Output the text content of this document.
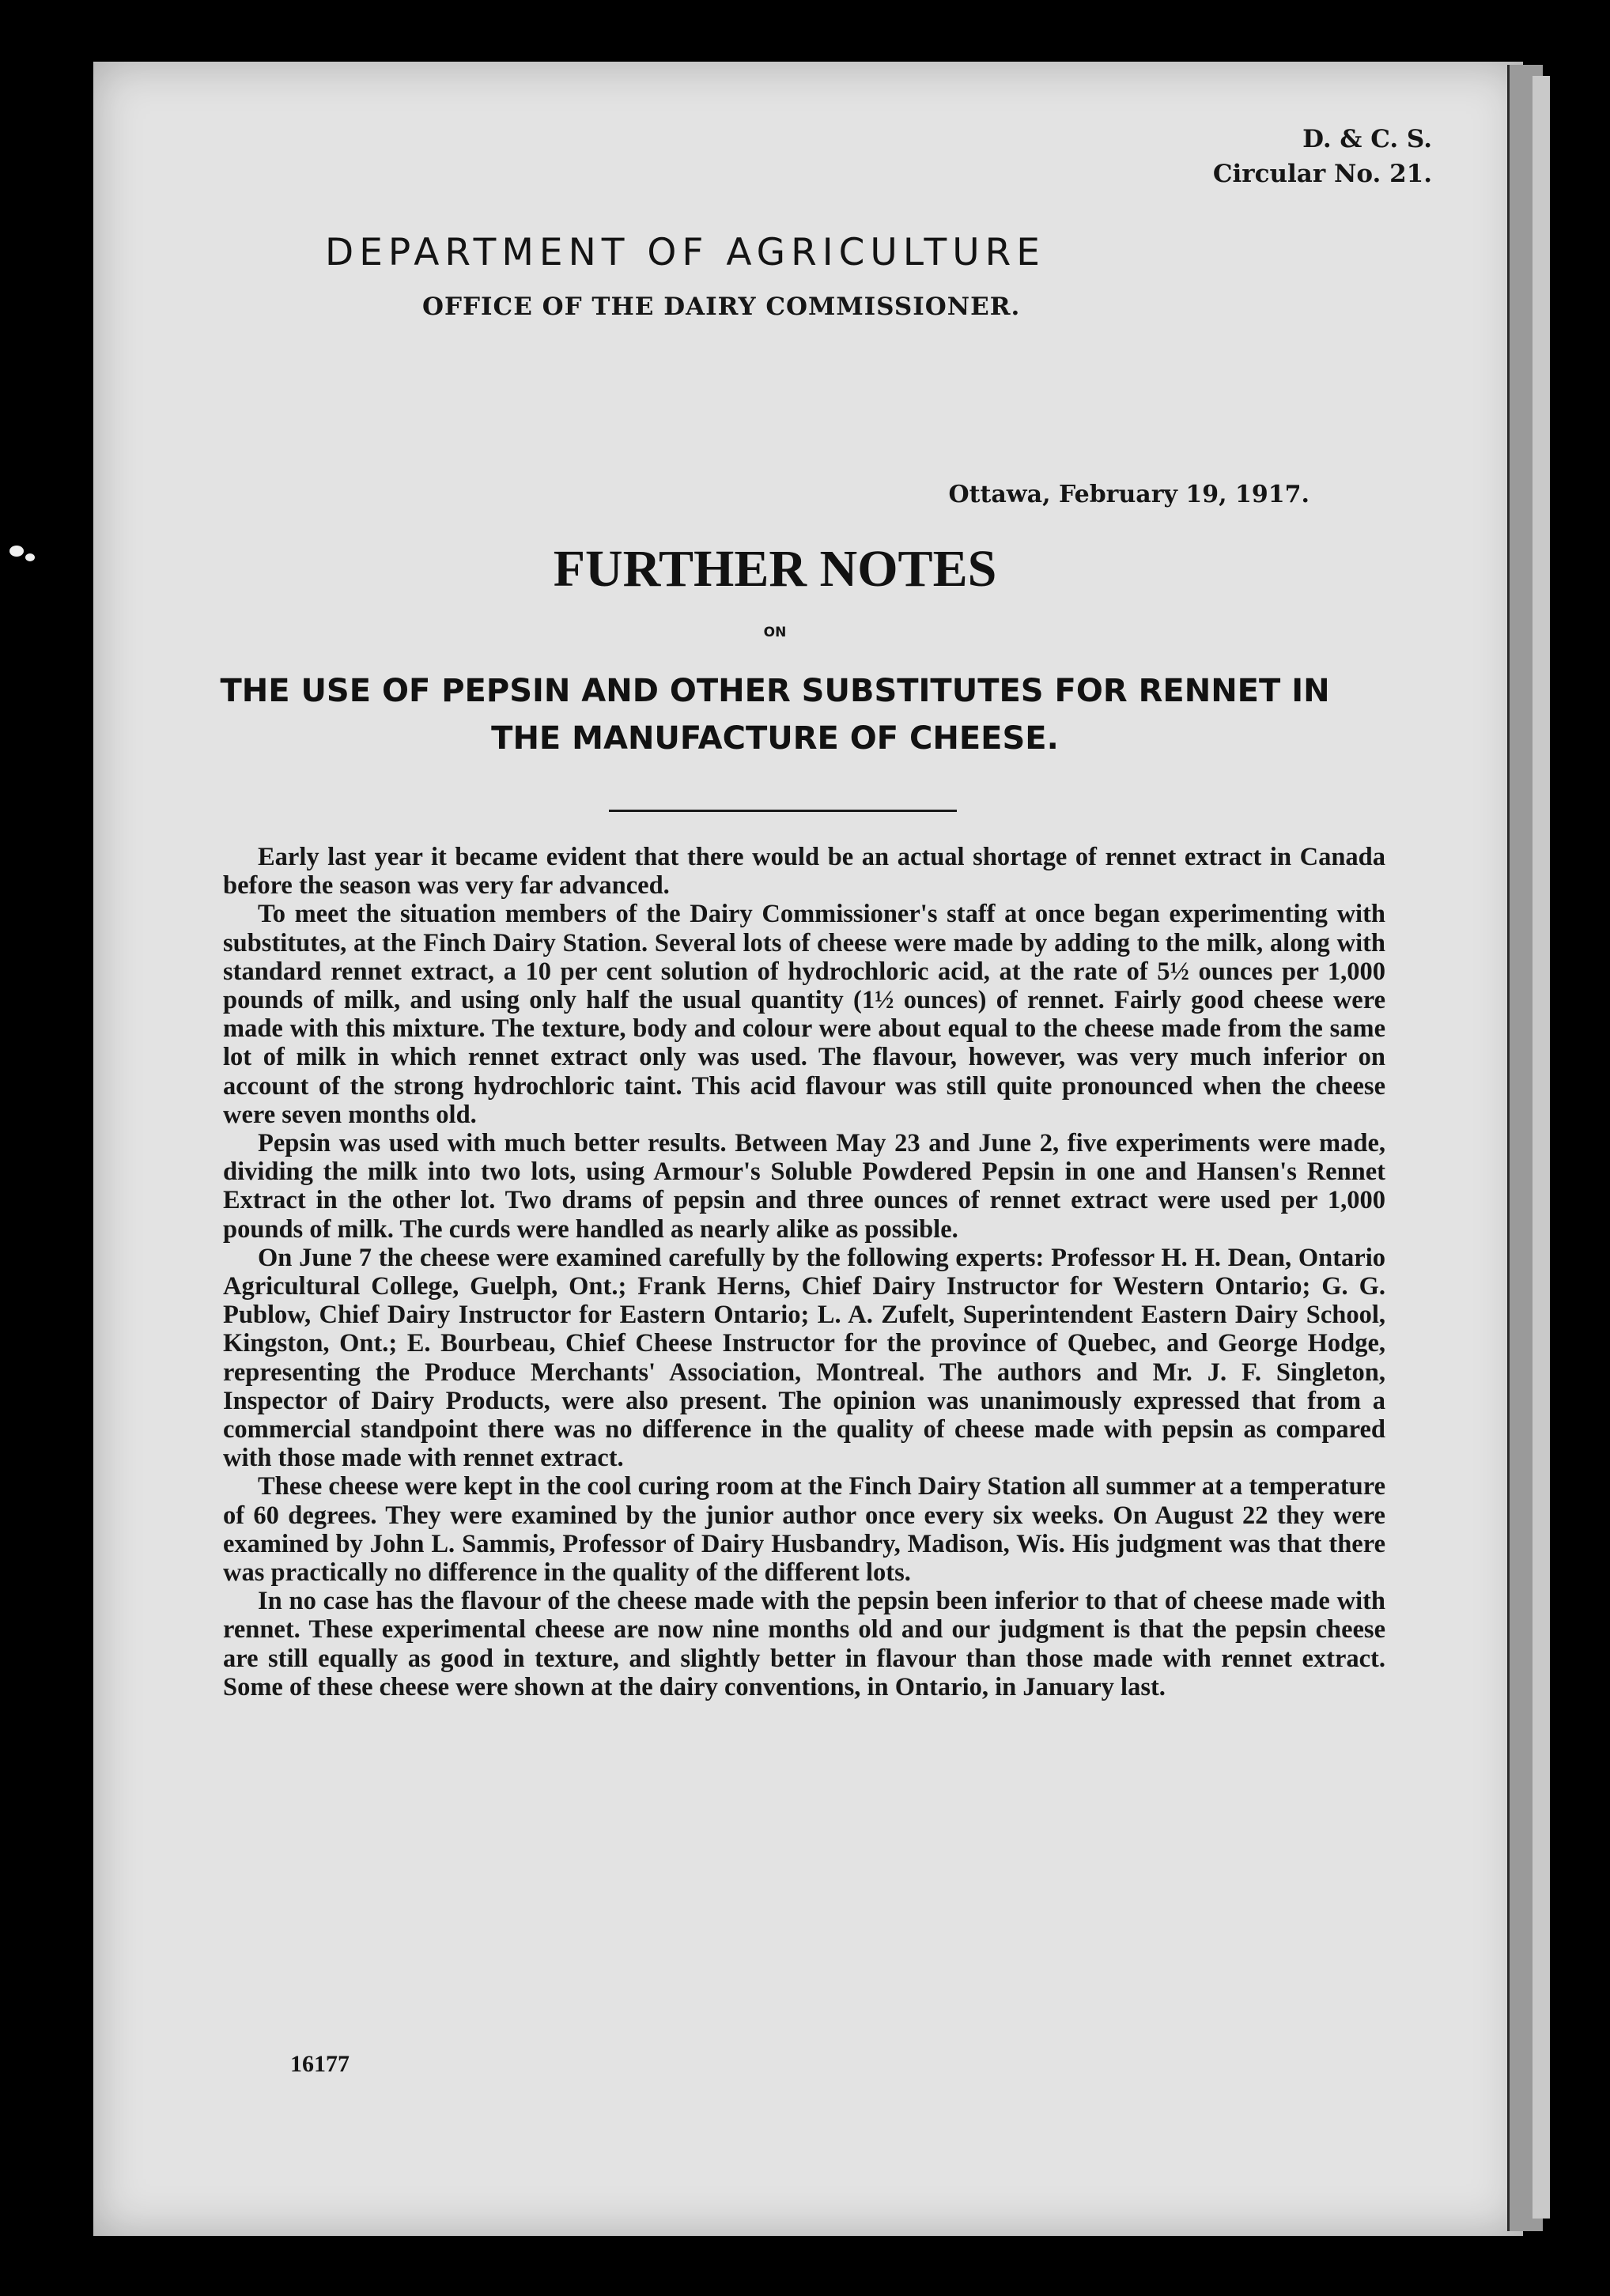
D. & C. S.
Circular No. 21.
DEPARTMENT OF AGRICULTURE
OFFICE OF THE DAIRY COMMISSIONER.
Ottawa, February 19, 1917.
FURTHER NOTES
ON
THE USE OF PEPSIN AND OTHER SUBSTITUTES FOR RENNET IN THE MANUFACTURE OF CHEESE.

Early last year it became evident that there would be an actual shortage of rennet extract in Canada before the season was very far advanced.

To meet the situation members of the Dairy Commissioner's staff at once began experimenting with substitutes, at the Finch Dairy Station. Several lots of cheese were made by adding to the milk, along with standard rennet extract, a 10 per cent solution of hydrochloric acid, at the rate of 5½ ounces per 1,000 pounds of milk, and using only half the usual quantity (1½ ounces) of rennet. Fairly good cheese were made with this mixture. The texture, body and colour were about equal to the cheese made from the same lot of milk in which rennet extract only was used. The flavour, however, was very much inferior on account of the strong hydrochloric taint. This acid flavour was still quite pronounced when the cheese were seven months old.

Pepsin was used with much better results. Between May 23 and June 2, five experiments were made, dividing the milk into two lots, using Armour's Soluble Powdered Pepsin in one and Hansen's Rennet Extract in the other lot. Two drams of pepsin and three ounces of rennet extract were used per 1,000 pounds of milk. The curds were handled as nearly alike as possible.

On June 7 the cheese were examined carefully by the following experts: Professor H. H. Dean, Ontario Agricultural College, Guelph, Ont.; Frank Herns, Chief Dairy Instructor for Western Ontario; G. G. Publow, Chief Dairy Instructor for Eastern Ontario; L. A. Zufelt, Superintendent Eastern Dairy School, Kingston, Ont.; E. Bourbeau, Chief Cheese Instructor for the province of Quebec, and George Hodge, representing the Produce Merchants' Association, Montreal. The authors and Mr. J. F. Singleton, Inspector of Dairy Products, were also present. The opinion was unanimously expressed that from a commercial standpoint there was no difference in the quality of cheese made with pepsin as compared with those made with rennet extract.

These cheese were kept in the cool curing room at the Finch Dairy Station all summer at a temperature of 60 degrees. They were examined by the junior author once every six weeks. On August 22 they were examined by John L. Sammis, Professor of Dairy Husbandry, Madison, Wis. His judgment was that there was practically no difference in the quality of the different lots.

In no case has the flavour of the cheese made with the pepsin been inferior to that of cheese made with rennet. These experimental cheese are now nine months old and our judgment is that the pepsin cheese are still equally as good in texture, and slightly better in flavour than those made with rennet extract. Some of these cheese were shown at the dairy conventions, in Ontario, in January last.

16177
